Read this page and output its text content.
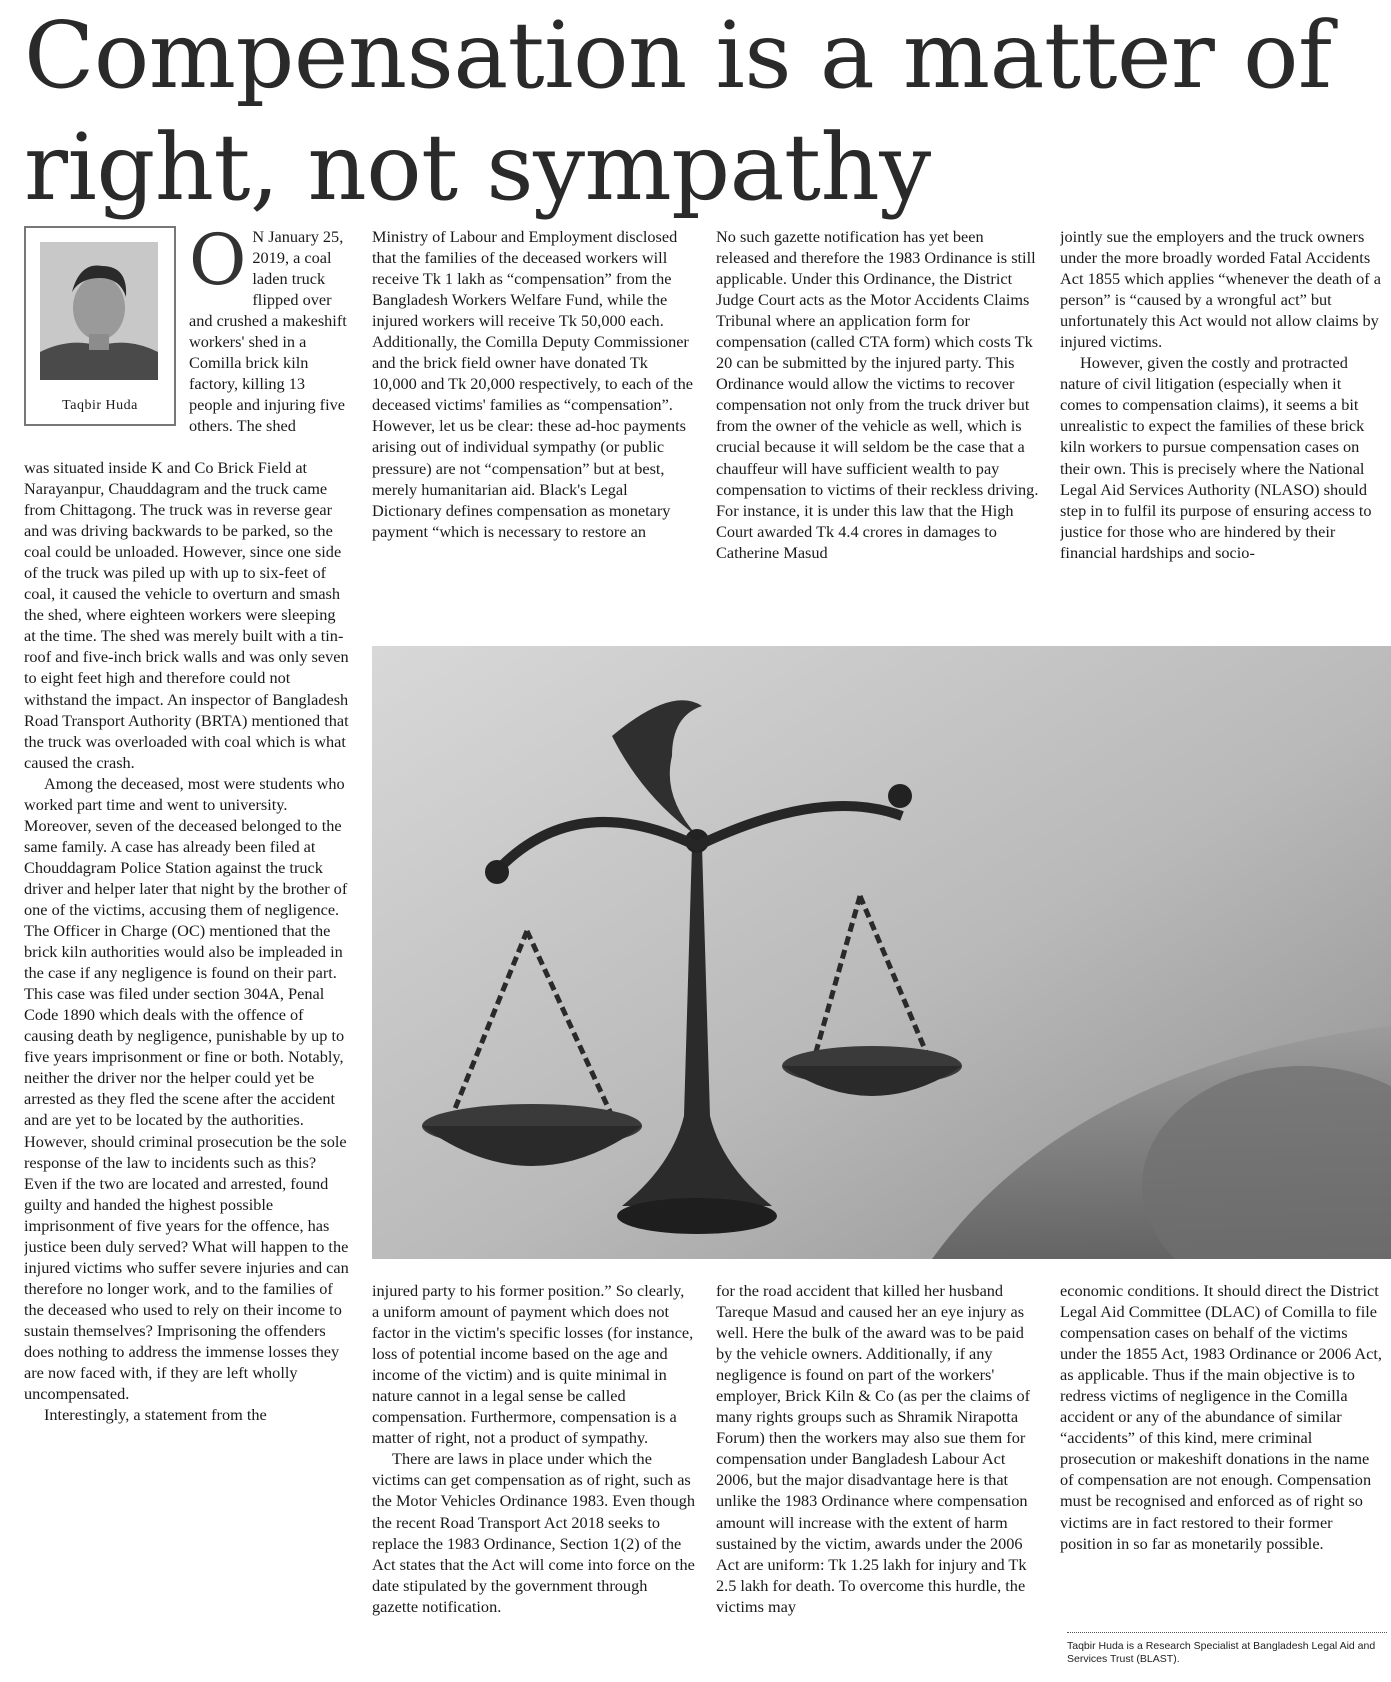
Compensation is a matter of right, not sympathy
Taqbir Huda
O N January 25, 2019, a coal laden truck flipped over and crushed a makeshift workers' shed in a Comilla brick kiln factory, killing 13 people and injuring five others. The shed

was situated inside K and Co Brick Field at Narayanpur, Chauddagram and the truck came from Chittagong. The truck was in reverse gear and was driving backwards to be parked, so the coal could be unloaded. However, since one side of the truck was piled up with up to six-feet of coal, it caused the vehicle to overturn and smash the shed, where eighteen workers were sleeping at the time. The shed was merely built with a tin-roof and five-inch brick walls and was only seven to eight feet high and therefore could not withstand the impact. An inspector of Bangladesh Road Transport Authority (BRTA) mentioned that the truck was overloaded with coal which is what caused the crash.

Among the deceased, most were students who worked part time and went to university. Moreover, seven of the deceased belonged to the same family. A case has already been filed at Chouddagram Police Station against the truck driver and helper later that night by the brother of one of the victims, accusing them of negligence. The Officer in Charge (OC) mentioned that the brick kiln authorities would also be impleaded in the case if any negligence is found on their part. This case was filed under section 304A, Penal Code 1890 which deals with the offence of causing death by negligence, punishable by up to five years imprisonment or fine or both. Notably, neither the driver nor the helper could yet be arrested as they fled the scene after the accident and are yet to be located by the authorities. However, should criminal prosecution be the sole response of the law to incidents such as this? Even if the two are located and arrested, found guilty and handed the highest possible imprisonment of five years for the offence, has justice been duly served? What will happen to the injured victims who suffer severe injuries and can therefore no longer work, and to the families of the deceased who used to rely on their income to sustain themselves? Imprisoning the offenders does nothing to address the immense losses they are now faced with, if they are left wholly uncompensated.

Interestingly, a statement from the

Ministry of Labour and Employment disclosed that the families of the deceased workers will receive Tk 1 lakh as “compensation” from the Bangladesh Workers Welfare Fund, while the injured workers will receive Tk 50,000 each. Additionally, the Comilla Deputy Commissioner and the brick field owner have donated Tk 10,000 and Tk 20,000 respectively, to each of the deceased victims' families as “compensation”. However, let us be clear: these ad-hoc payments arising out of individual sympathy (or public pressure) are not “compensation” but at best, merely humanitarian aid. Black's Legal Dictionary defines compensation as monetary payment “which is necessary to restore an

No such gazette notification has yet been released and therefore the 1983 Ordinance is still applicable. Under this Ordinance, the District Judge Court acts as the Motor Accidents Claims Tribunal where an application form for compensation (called CTA form) which costs Tk 20 can be submitted by the injured party. This Ordinance would allow the victims to recover compensation not only from the truck driver but from the owner of the vehicle as well, which is crucial because it will seldom be the case that a chauffeur will have sufficient wealth to pay compensation to victims of their reckless driving. For instance, it is under this law that the High Court awarded Tk 4.4 crores in damages to Catherine Masud

jointly sue the employers and the truck owners under the more broadly worded Fatal Accidents Act 1855 which applies “whenever the death of a person” is “caused by a wrongful act” but unfortunately this Act would not allow claims by injured victims.

However, given the costly and protracted nature of civil litigation (especially when it comes to compensation claims), it seems a bit unrealistic to expect the families of these brick kiln workers to pursue compensation cases on their own. This is precisely where the National Legal Aid Services Authority (NLASO) should step in to fulfil its purpose of ensuring access to justice for those who are hindered by their financial hardships and socio-

injured party to his former position.” So clearly, a uniform amount of payment which does not factor in the victim's specific losses (for instance, loss of potential income based on the age and income of the victim) and is quite minimal in nature cannot in a legal sense be called compensation. Furthermore, compensation is a matter of right, not a product of sympathy.

There are laws in place under which the victims can get compensation as of right, such as the Motor Vehicles Ordinance 1983. Even though the recent Road Transport Act 2018 seeks to replace the 1983 Ordinance, Section 1(2) of the Act states that the Act will come into force on the date stipulated by the government through gazette notification.

for the road accident that killed her husband Tareque Masud and caused her an eye injury as well. Here the bulk of the award was to be paid by the vehicle owners. Additionally, if any negligence is found on part of the workers' employer, Brick Kiln & Co (as per the claims of many rights groups such as Shramik Nirapotta Forum) then the workers may also sue them for compensation under Bangladesh Labour Act 2006, but the major disadvantage here is that unlike the 1983 Ordinance where compensation amount will increase with the extent of harm sustained by the victim, awards under the 2006 Act are uniform: Tk 1.25 lakh for injury and Tk 2.5 lakh for death. To overcome this hurdle, the victims may

economic conditions. It should direct the District Legal Aid Committee (DLAC) of Comilla to file compensation cases on behalf of the victims under the 1855 Act, 1983 Ordinance or 2006 Act, as applicable. Thus if the main objective is to redress victims of negligence in the Comilla accident or any of the abundance of similar “accidents” of this kind, mere criminal prosecution or makeshift donations in the name of compensation are not enough. Compensation must be recognised and enforced as of right so victims are in fact restored to their former position in so far as monetarily possible.

Taqbir Huda is a Research Specialist at Bangladesh Legal Aid and Services Trust (BLAST).
